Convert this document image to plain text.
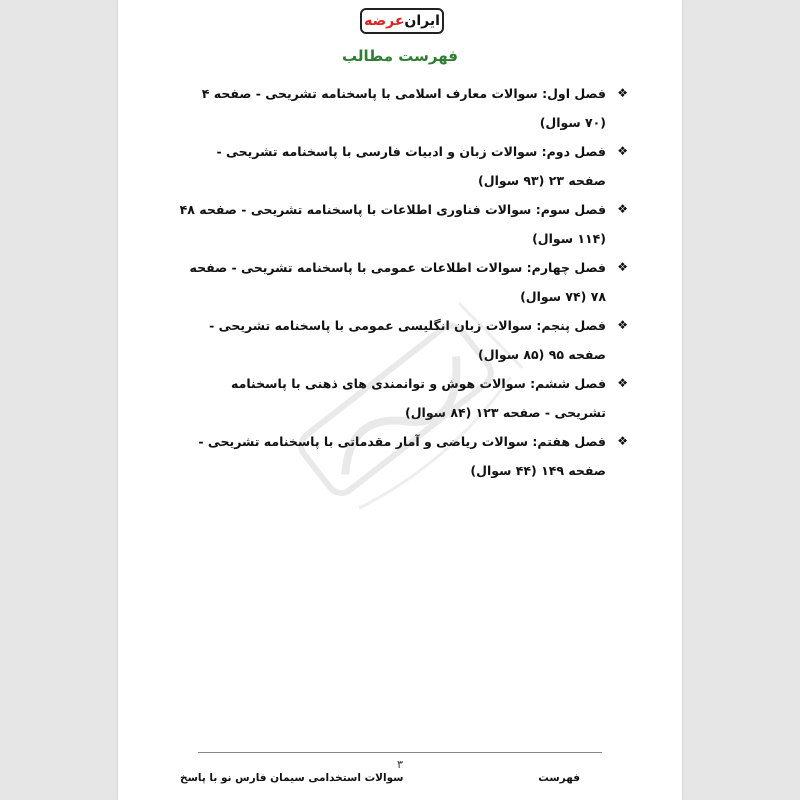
ایران
عرضه
فهرست مطالب
❖
فصل اول: سوالات معارف اسلامی با پاسخنامه تشریحی - صفحه ۴ (۷۰ سوال)
❖
فصل دوم: سوالات زبان و ادبیات فارسی با پاسخنامه تشریحی - صفحه ۲۳ (۹۳ سوال)
❖
فصل سوم: سوالات فناوری اطلاعات با پاسخنامه تشریحی - صفحه ۴۸ (۱۱۴ سوال)
❖
فصل چهارم: سوالات اطلاعات عمومی با پاسخنامه تشریحی - صفحه ۷۸ (۷۴ سوال)
❖
فصل پنجم: سوالات زبان انگلیسی عمومی با پاسخنامه تشریحی - صفحه ۹۵ (۸۵ سوال)
❖
فصل ششم: سوالات هوش و توانمندی های ذهنی با پاسخنامه تشریحی - صفحه ۱۲۳ (۸۴ سوال)
❖
فصل هفتم: سوالات ریاضی و آمار مقدماتی با پاسخنامه تشریحی - صفحه ۱۴۹ (۴۴ سوال)
۳
سوالات استخدامی سیمان فارس نو با پاسخ	فهرست
